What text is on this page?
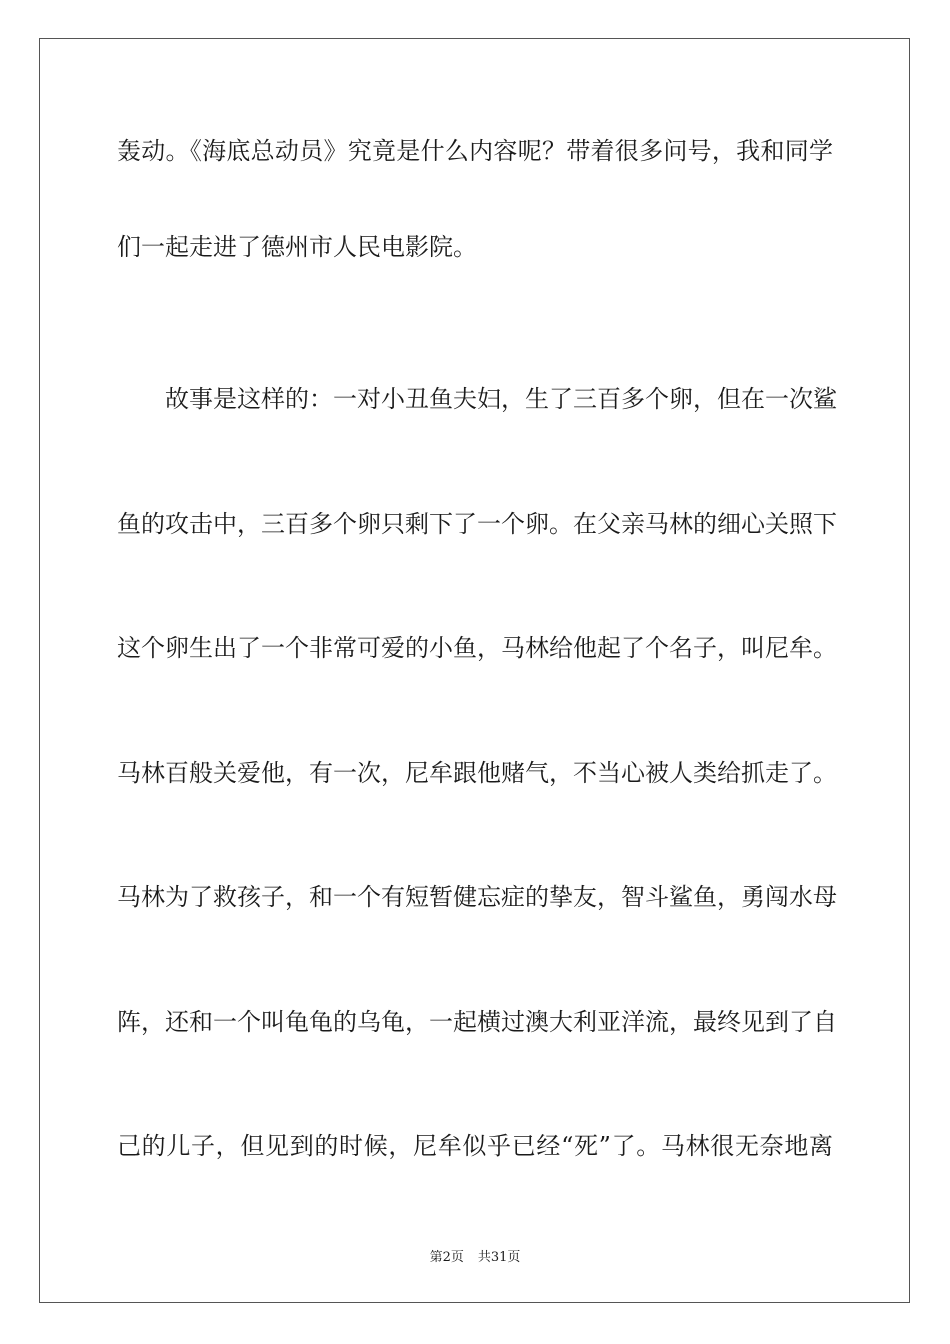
轰动。《海底总动员》究竟是什么内容呢？带着很多问号，我和同学
们一起走进了德州市人民电影院。
故事是这样的：一对小丑鱼夫妇，生了三百多个卵，但在一次鲨
鱼的攻击中，三百多个卵只剩下了一个卵。在父亲马林的细心关照下
这个卵生出了一个非常可爱的小鱼，马林给他起了个名子，叫尼牟。
马林百般关爱他，有一次，尼牟跟他赌气，不当心被人类给抓走了。
马林为了救孩子，和一个有短暂健忘症的挚友，智斗鲨鱼，勇闯水母
阵，还和一个叫龟龟的乌龟，一起横过澳大利亚洋流，最终见到了自
己的儿子，但见到的时候，尼牟似乎已经“死”了。马林很无奈地离
第2页 共31页
